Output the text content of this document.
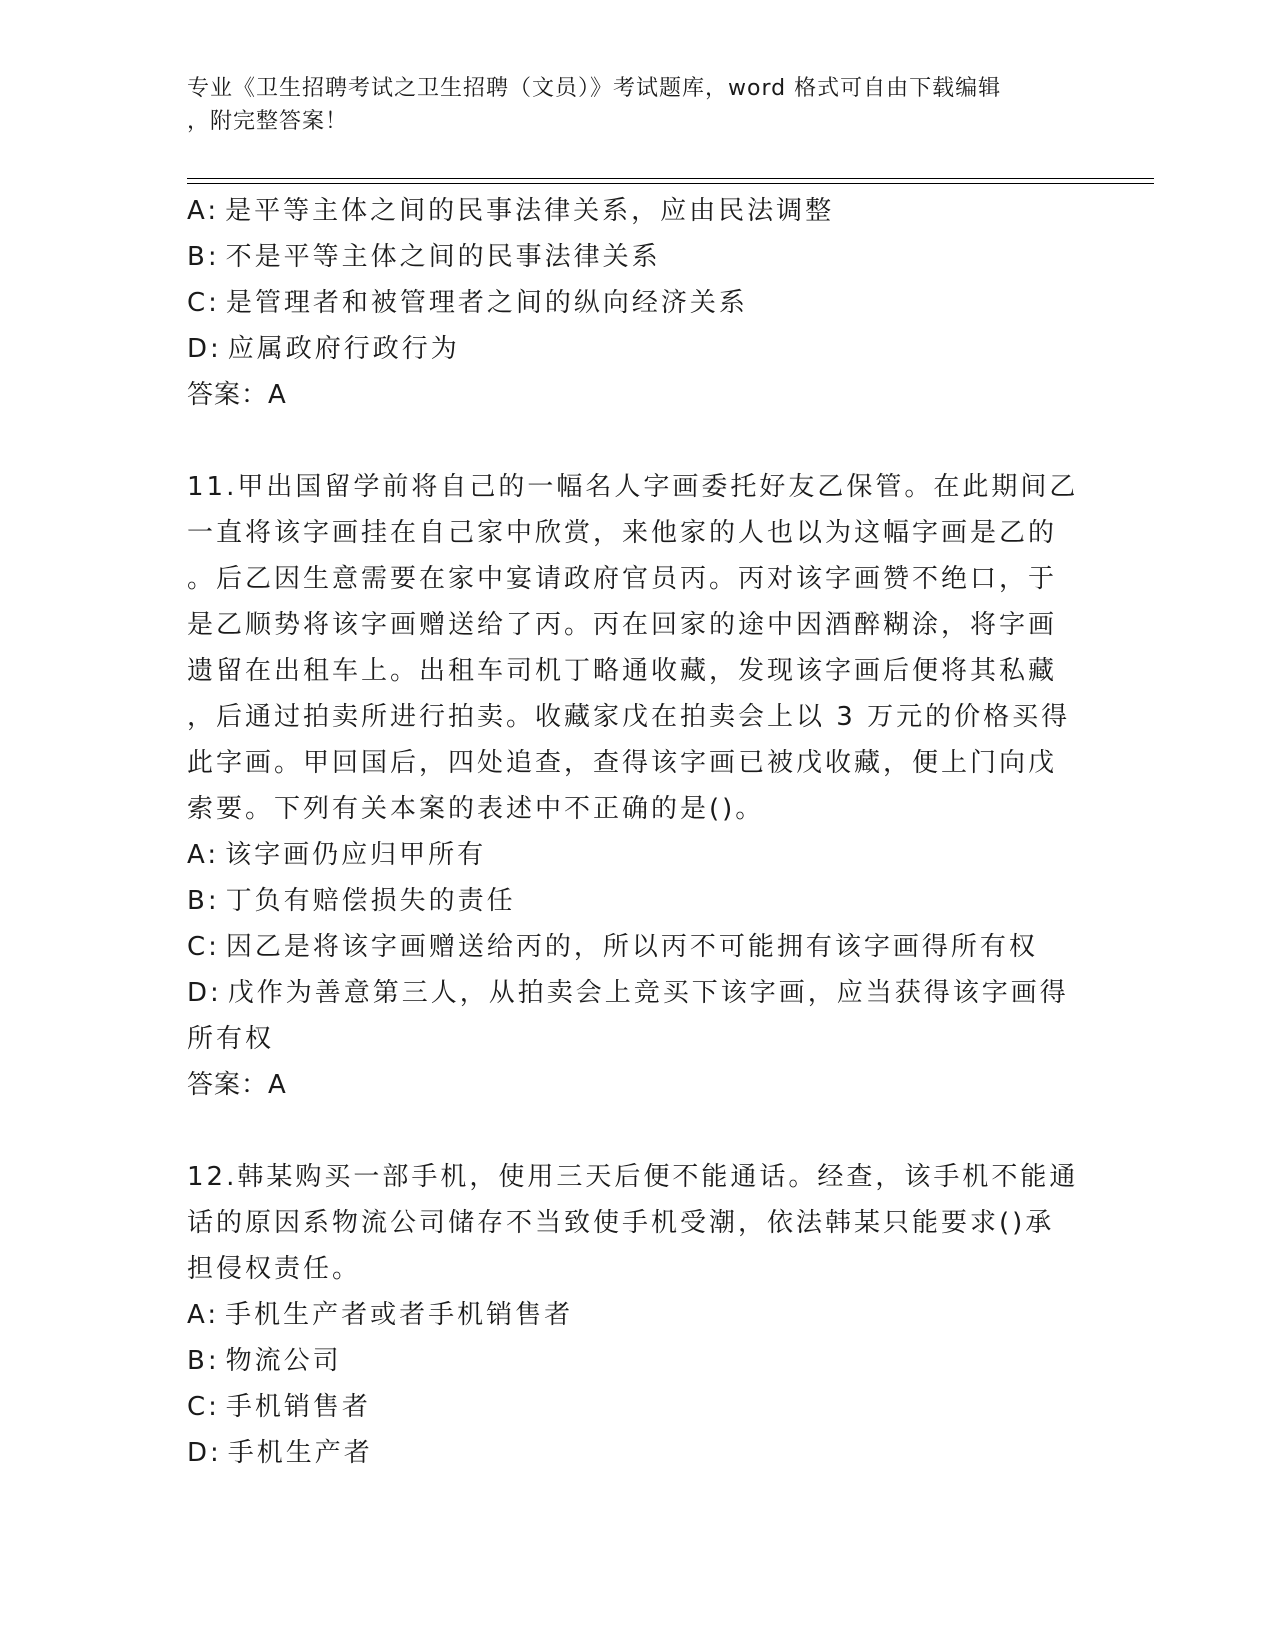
专业《卫生招聘考试之卫生招聘（文员）》考试题库，word 格式可自由下载编辑
，附完整答案！
A: 是平等主体之间的民事法律关系，应由民法调整
B: 不是平等主体之间的民事法律关系
C: 是管理者和被管理者之间的纵向经济关系
D: 应属政府行政行为
答案：A
11.甲出国留学前将自己的一幅名人字画委托好友乙保管。在此期间乙
一直将该字画挂在自己家中欣赏，来他家的人也以为这幅字画是乙的
。后乙因生意需要在家中宴请政府官员丙。丙对该字画赞不绝口，于
是乙顺势将该字画赠送给了丙。丙在回家的途中因酒醉糊涂，将字画
遗留在出租车上。出租车司机丁略通收藏，发现该字画后便将其私藏
，后通过拍卖所进行拍卖。收藏家戊在拍卖会上以 3 万元的价格买得
此字画。甲回国后，四处追查，查得该字画已被戊收藏，便上门向戊
索要。下列有关本案的表述中不正确的是()。
A: 该字画仍应归甲所有
B: 丁负有赔偿损失的责任
C: 因乙是将该字画赠送给丙的，所以丙不可能拥有该字画得所有权
D: 戊作为善意第三人，从拍卖会上竞买下该字画，应当获得该字画得
所有权
答案：A
12.韩某购买一部手机，使用三天后便不能通话。经查，该手机不能通
话的原因系物流公司储存不当致使手机受潮，依法韩某只能要求()承
担侵权责任。
A: 手机生产者或者手机销售者
B: 物流公司
C: 手机销售者
D: 手机生产者
